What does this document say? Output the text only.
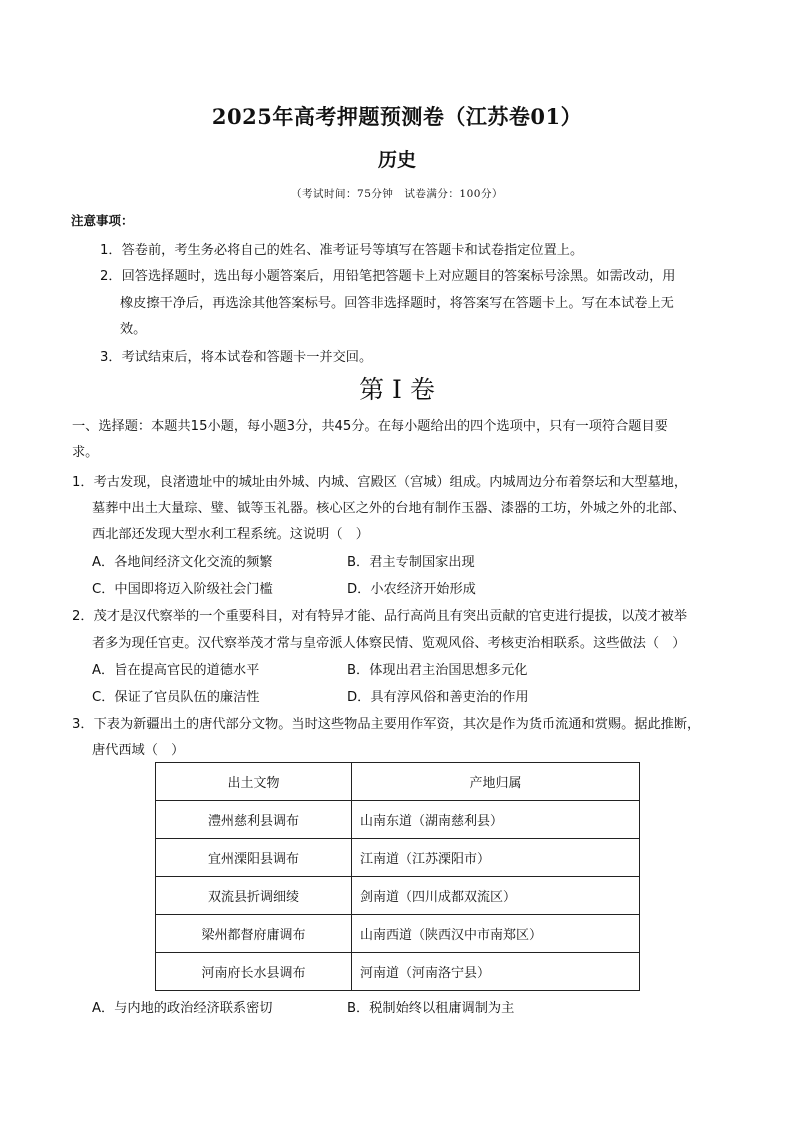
2025年高考押题预测卷（江苏卷01）
历史
（考试时间：75分钟　试卷满分：100分）
注意事项：
1．答卷前，考生务必将自己的姓名、准考证号等填写在答题卡和试卷指定位置上。
2．回答选择题时，选出每小题答案后，用铅笔把答题卡上对应题目的答案标号涂黑。如需改动，用
橡皮擦干净后，再选涂其他答案标号。回答非选择题时，将答案写在答题卡上。写在本试卷上无
效。
3．考试结束后，将本试卷和答题卡一并交回。
第 I 卷
一、选择题：本题共15小题，每小题3分，共45分。在每小题给出的四个选项中，只有一项符合题目要
求。
1．考古发现，良渚遗址中的城址由外城、内城、宫殿区（宫城）组成。内城周边分布着祭坛和大型墓地，
墓葬中出土大量琮、璧、钺等玉礼器。核心区之外的台地有制作玉器、漆器的工坊，外城之外的北部、
西北部还发现大型水利工程系统。这说明（　）
A．各地间经济文化交流的频繁	B．君主专制国家出现
C．中国即将迈入阶级社会门槛	D．小农经济开始形成
2．茂才是汉代察举的一个重要科目，对有特异才能、品行高尚且有突出贡献的官吏进行提拔，以茂才被举
者多为现任官吏。汉代察举茂才常与皇帝派人体察民情、览观风俗、考核吏治相联系。这些做法（　）
A．旨在提高官民的道德水平	B．体现出君主治国思想多元化
C．保证了官员队伍的廉洁性	D．具有淳风俗和善吏治的作用
3．下表为新疆出土的唐代部分文物。当时这些物品主要用作军资，其次是作为货币流通和赏赐。据此推断，
唐代西域（　）
出土文物	产地归属
澧州慈利县调布	山南东道（湖南慈利县）
宜州溧阳县调布	江南道（江苏溧阳市）
双流县折调细绫	剑南道（四川成都双流区）
梁州都督府庸调布	山南西道（陕西汉中市南郑区）
河南府长水县调布	河南道（河南洛宁县）
A．与内地的政治经济联系密切	B．税制始终以租庸调制为主
